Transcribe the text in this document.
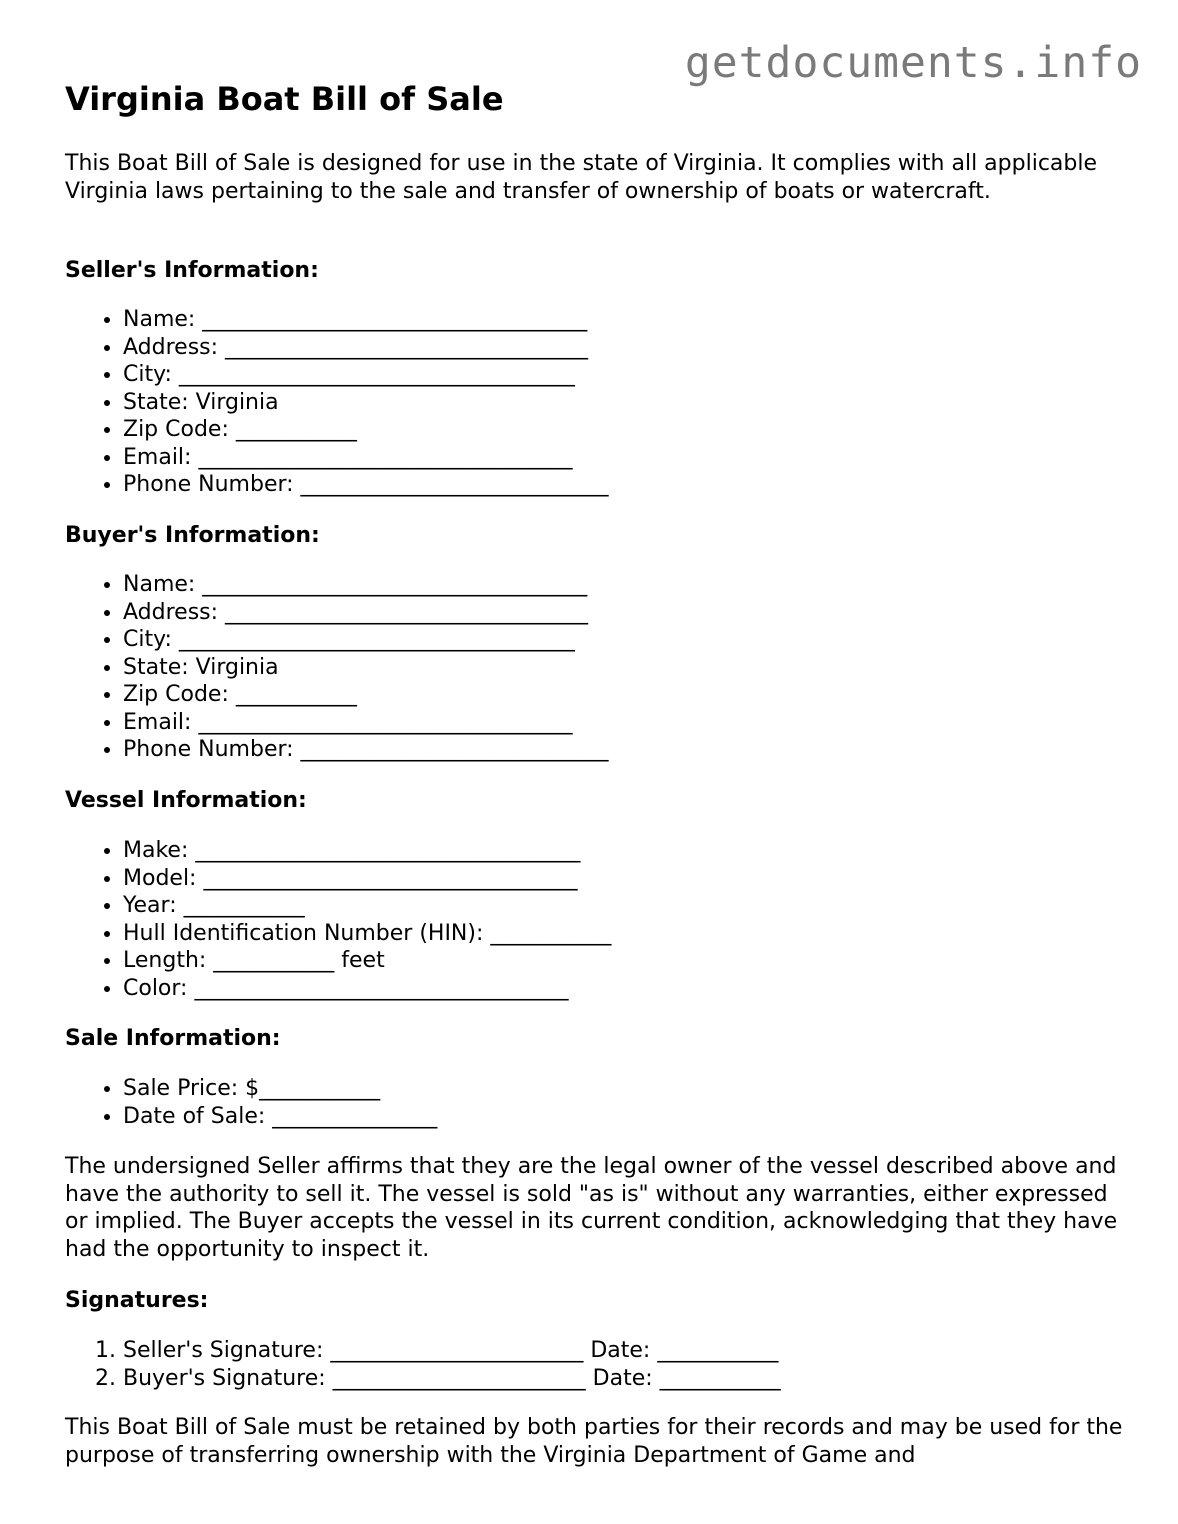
getdocuments.info
Virginia Boat Bill of Sale

This Boat Bill of Sale is designed for use in the state of Virginia. It complies with all applicable Virginia laws pertaining to the sale and transfer of ownership of boats or watercraft.

Seller's Information:
• Name: ___________________________________
• Address: _________________________________
• City: ____________________________________
• State: Virginia
• Zip Code: ___________
• Email: __________________________________
• Phone Number: ____________________________
Buyer's Information:
• Name: ___________________________________
• Address: _________________________________
• City: ____________________________________
• State: Virginia
• Zip Code: ___________
• Email: __________________________________
• Phone Number: ____________________________
Vessel Information:
• Make: ___________________________________
• Model: __________________________________
• Year: ___________
• Hull Identification Number (HIN): ___________
• Length: ___________ feet
• Color: __________________________________
Sale Information:
• Sale Price: $___________
• Date of Sale: _______________

The undersigned Seller affirms that they are the legal owner of the vessel described above and have the authority to sell it. The vessel is sold "as is" without any warranties, either expressed or implied. The Buyer accepts the vessel in its current condition, acknowledging that they have had the opportunity to inspect it.

Signatures:
1. Seller's Signature: _______________________ Date: ___________
2. Buyer's Signature: _______________________ Date: ___________

This Boat Bill of Sale must be retained by both parties for their records and may be used for the purpose of transferring ownership with the Virginia Department of Game and
